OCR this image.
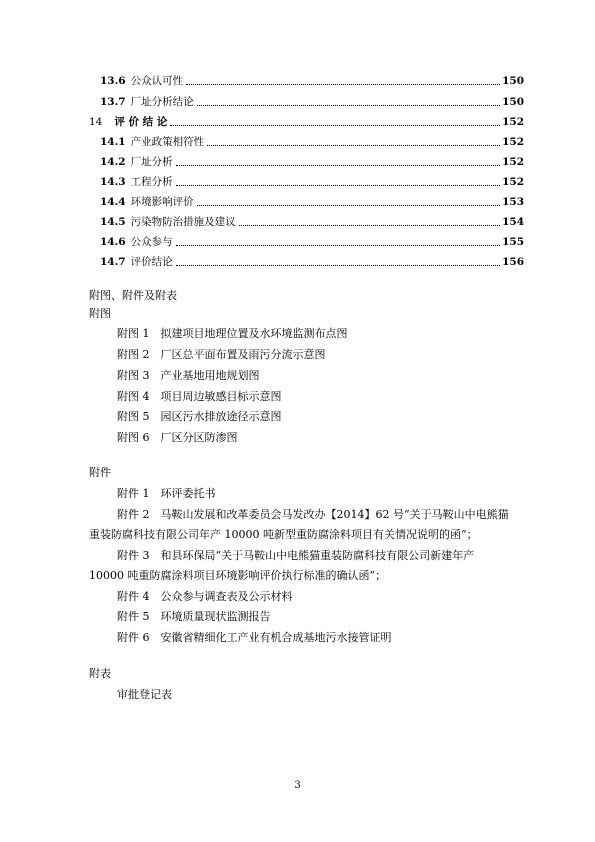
13.6 公众认可性	150
13.7 厂址分析结论	150
14 评 价 结 论	152
14.1 产业政策相符性	152
14.2 厂址分析	152
14.3 工程分析	152
14.4 环境影响评价	153
14.5 污染物防治措施及建议	154
14.6 公众参与	155
14.7 评价结论	156
附图、附件及附表
附图
附图 1　拟建项目地理位置及水环境监测布点图
附图 2　厂区总平面布置及雨污分流示意图
附图 3　产业基地用地规划图
附图 4　项目周边敏感目标示意图
附图 5　园区污水排放途径示意图
附图 6　厂区分区防渗图
附件
附件 1　环评委托书
附件 2　马鞍山发展和改革委员会马发改办【2014】62 号“关于马鞍山中电熊猫
重装防腐科技有限公司年产 10000 吨新型重防腐涂料项目有关情况说明的函”；
附件 3　和县环保局“关于马鞍山中电熊猫重装防腐科技有限公司新建年产
10000 吨重防腐涂料项目环境影响评价执行标准的确认函”；
附件 4　公众参与调查表及公示材料
附件 5　环境质量现状监测报告
附件 6　安徽省精细化工产业有机合成基地污水接管证明
附表
审批登记表
3
